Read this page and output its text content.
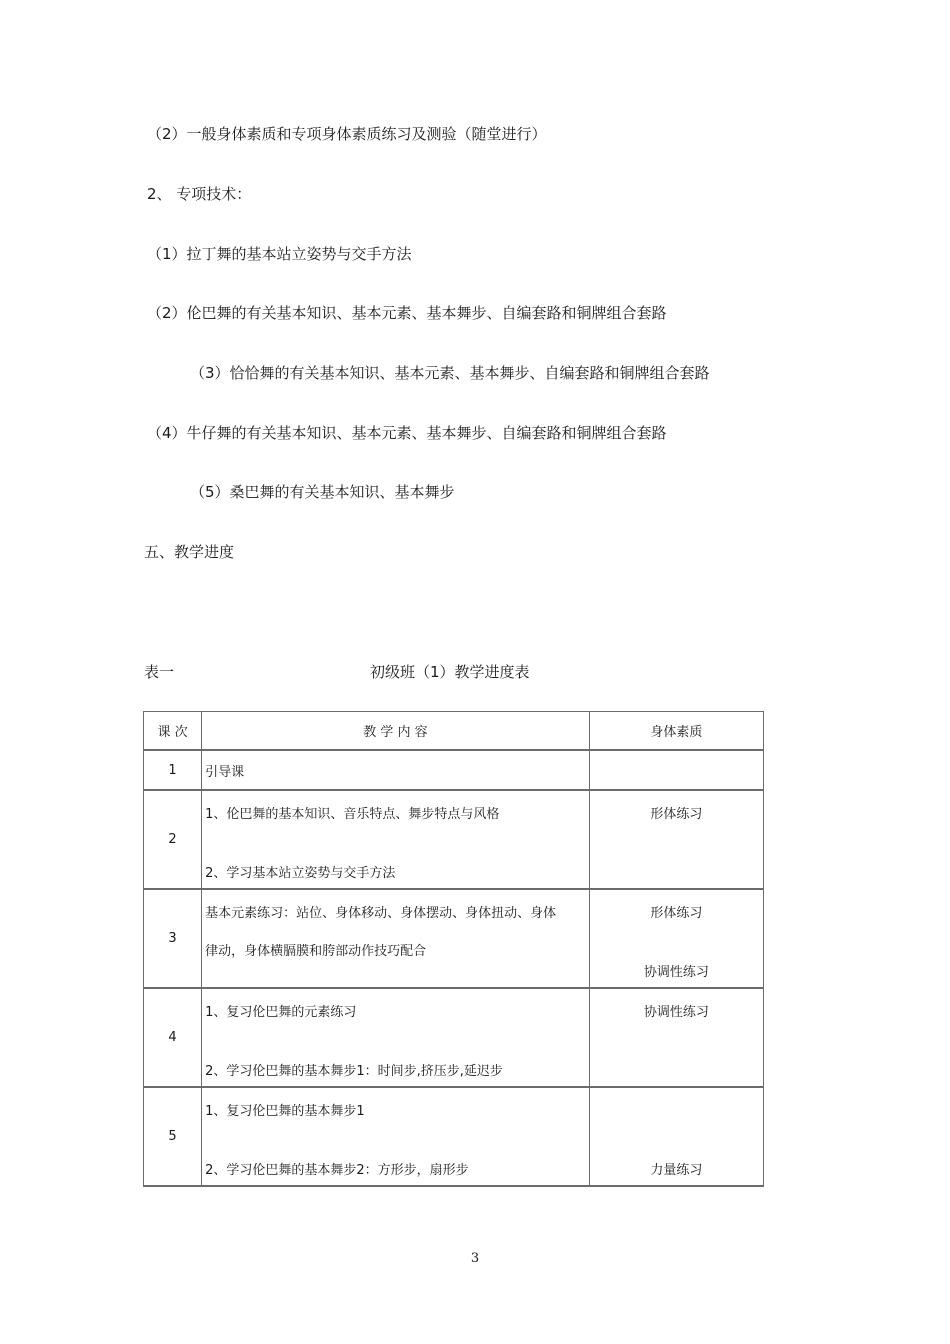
（2）一般身体素质和专项身体素质练习及测验（随堂进行）
2、 专项技术：
（1）拉丁舞的基本站立姿势与交手方法
（2）伦巴舞的有关基本知识、基本元素、基本舞步、自编套路和铜牌组合套路
（3）恰恰舞的有关基本知识、基本元素、基本舞步、自编套路和铜牌组合套路
（4）牛仔舞的有关基本知识、基本元素、基本舞步、自编套路和铜牌组合套路
（5）桑巴舞的有关基本知识、基本舞步
五、教学进度
表一	初级班（1）教学进度表
课 次	教 学 内 容	身体素质
1	引导课	

2	1、伦巴舞的基本知识、音乐特点、舞步特点与风格
2、学习基本站立姿势与交手方法	形体练习

3	基本元素练习：站位、身体移动、身体摆动、身体扭动、身体
律动，身体横膈膜和胯部动作技巧配合	形体练习
协调性练习

4	1、复习伦巴舞的元素练习
2、学习伦巴舞的基本舞步1：时间步,挤压步,延迟步	协调性练习

5	1、复习伦巴舞的基本舞步1
2、学习伦巴舞的基本舞步2：方形步，扇形步	力量练习
3
